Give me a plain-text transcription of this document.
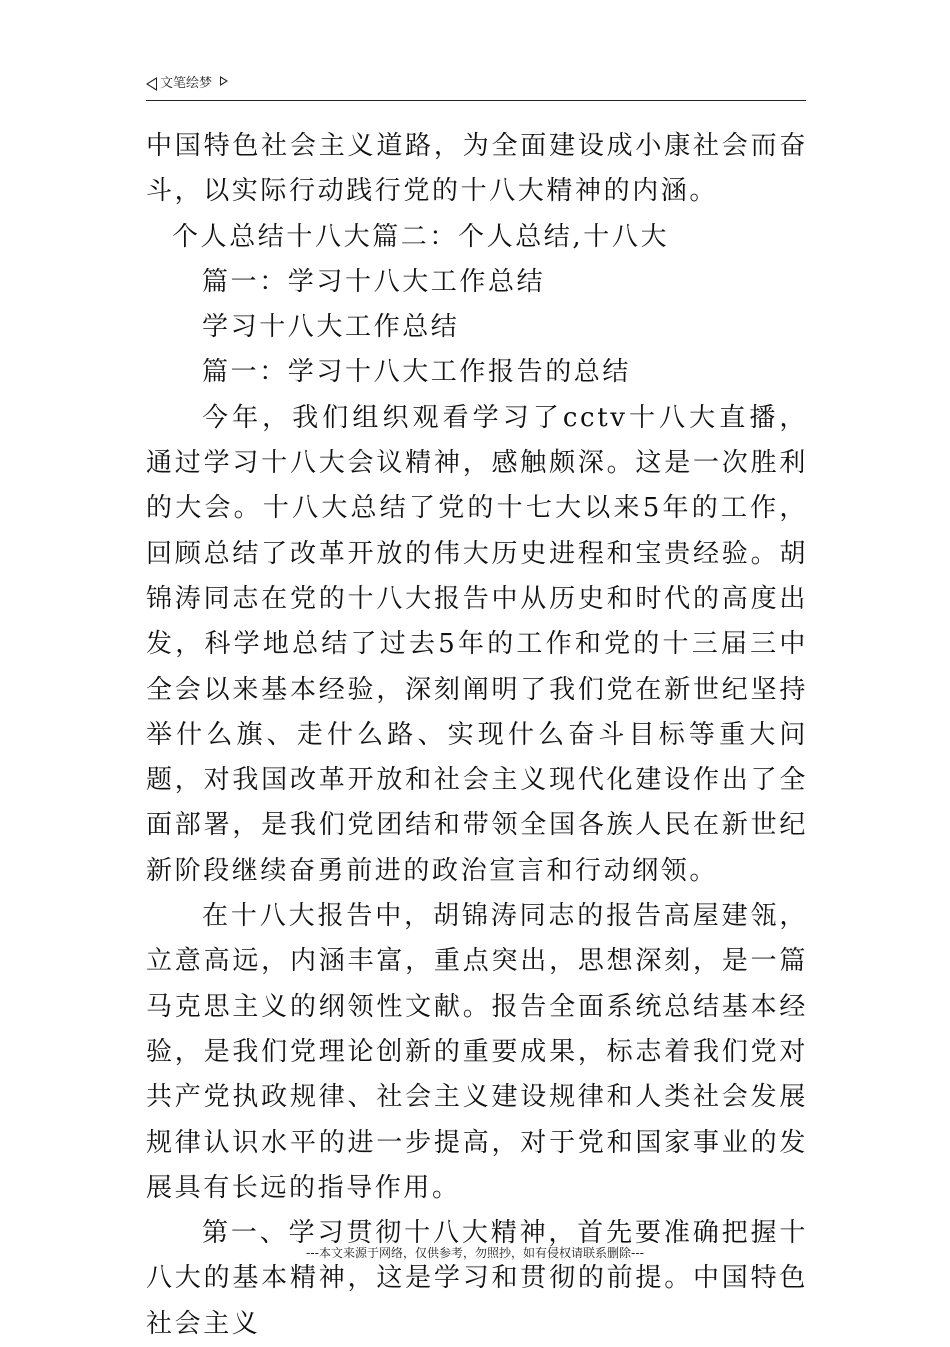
文笔绘梦

中国特色社会主义道路，为全面建设成小康社会而奋斗，以实际行动践行党的十八大精神的内涵。

个人总结十八大篇二：个人总结,十八大

篇一：学习十八大工作总结

学习十八大工作总结

篇一：学习十八大工作报告的总结

今年，我们组织观看学习了cctv十八大直播，通过学习十八大会议精神，感触颇深。这是一次胜利的大会。十八大总结了党的十七大以来5年的工作，回顾总结了改革开放的伟大历史进程和宝贵经验。胡锦涛同志在党的十八大报告中从历史和时代的高度出发，科学地总结了过去5年的工作和党的十三届三中全会以来基本经验，深刻阐明了我们党在新世纪坚持举什么旗、走什么路、实现什么奋斗目标等重大问题，对我国改革开放和社会主义现代化建设作出了全面部署，是我们党团结和带领全国各族人民在新世纪新阶段继续奋勇前进的政治宣言和行动纲领。

在十八大报告中，胡锦涛同志的报告高屋建瓴，立意高远，内涵丰富，重点突出，思想深刻，是一篇马克思主义的纲领性文献。报告全面系统总结基本经验，是我们党理论创新的重要成果，标志着我们党对共产党执政规律、社会主义建设规律和人类社会发展规律认识水平的进一步提高，对于党和国家事业的发展具有长远的指导作用。

第一、学习贯彻十八大精神，首先要准确把握十八大的基本精神，这是学习和贯彻的前提。中国特色社会主义

---本文来源于网络，仅供参考，勿照抄，如有侵权请联系删除---
